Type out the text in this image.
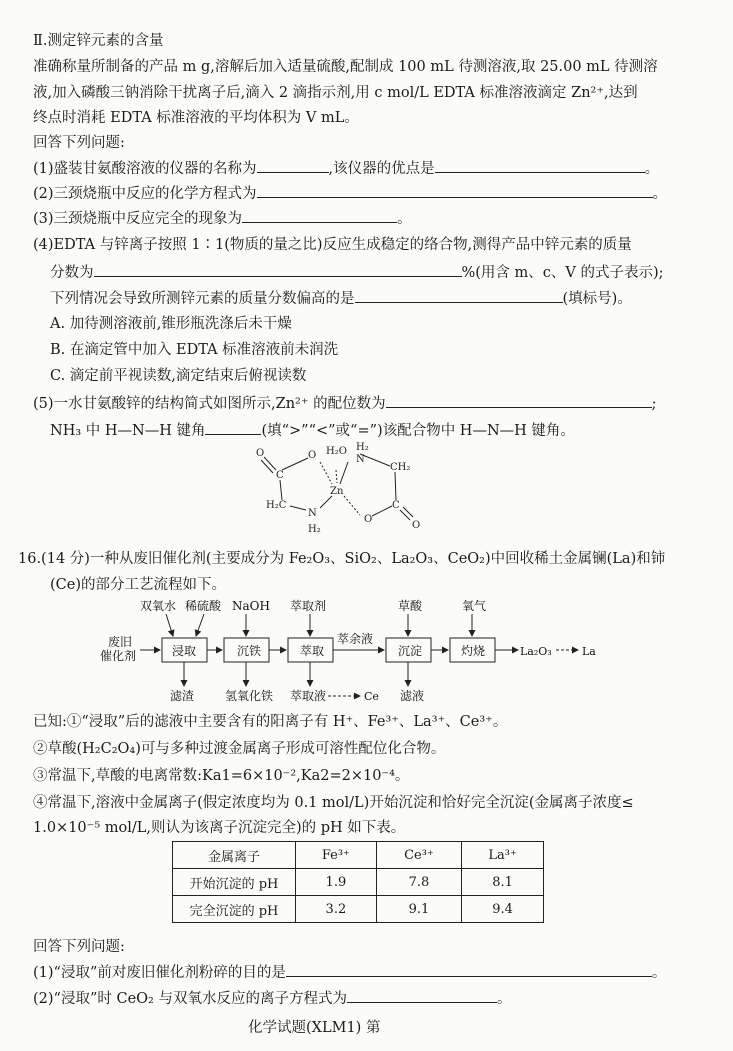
Ⅱ.测定锌元素的含量
准确称量所制备的产品 m g,溶解后加入适量硫酸,配制成 100 mL 待测溶液,取 25.00 mL 待测溶
液,加入磷酸三钠消除干扰离子后,滴入 2 滴指示剂,用 c mol/L EDTA 标准溶液滴定 Zn²⁺,达到
终点时消耗 EDTA 标准溶液的平均体积为 V mL。
回答下列问题:
(1)盛装甘氨酸溶液的仪器的名称为	,该仪器的优点是	。
(2)三颈烧瓶中反应的化学方程式为	。
(3)三颈烧瓶中反应完全的现象为	。
(4)EDTA 与锌离子按照 1∶1(物质的量之比)反应生成稳定的络合物,测得产品中锌元素的质量
分数为	%(用含 m、c、V 的式子表示);
下列情况会导致所测锌元素的质量分数偏高的是	(填标号)。
A. 加待测溶液前,锥形瓶洗涤后未干燥
B. 在滴定管中加入 EDTA 标准溶液前未润洗
C. 滴定前平视读数,滴定结束后俯视读数
(5)一水甘氨酸锌的结构简式如图所示,Zn²⁺ 的配位数为	;
NH₃ 中 H—N—H 键角	(填“>”“<”或“=”)该配合物中 H—N—H 键角。
O
C
O H₂O H₂
N
CH₂
Zn
H₂C
N
H₂
O
C
O
16.(14 分)一种从废旧催化剂(主要成分为 Fe₂O₃、SiO₂、La₂O₃、CeO₂)中回收稀土金属镧(La)和铈
(Ce)的部分工艺流程如下。
双氧水 稀硫酸 NaOH 萃取剂	草酸	氧气
废旧
催化剂	浸取	沉铁	萃取	沉淀	灼烧
萃余液
La₂O₃	La
滤渣	氢氧化铁 萃取液	Ce 滤液
已知:①“浸取”后的滤液中主要含有的阳离子有 H⁺、Fe³⁺、La³⁺、Ce³⁺。
②草酸(H₂C₂O₄)可与多种过渡金属离子形成可溶性配位化合物。
③常温下,草酸的电离常数:Ka1=6×10⁻²,Ka2=2×10⁻⁴。
④常温下,溶液中金属离子(假定浓度均为 0.1 mol/L)开始沉淀和恰好完全沉淀(金属离子浓度≤
1.0×10⁻⁵ mol/L,则认为该离子沉淀完全)的 pH 如下表。
金属离子	Fe³⁺	Ce³⁺	La³⁺
开始沉淀的 pH	1.9	7.8	8.1
完全沉淀的 pH	3.2	9.1	9.4
回答下列问题:
(1)“浸取”前对废旧催化剂粉碎的目的是	。
(2)“浸取”时 CeO₂ 与双氧水反应的离子方程式为	。
化学试题(XLM1) 第
